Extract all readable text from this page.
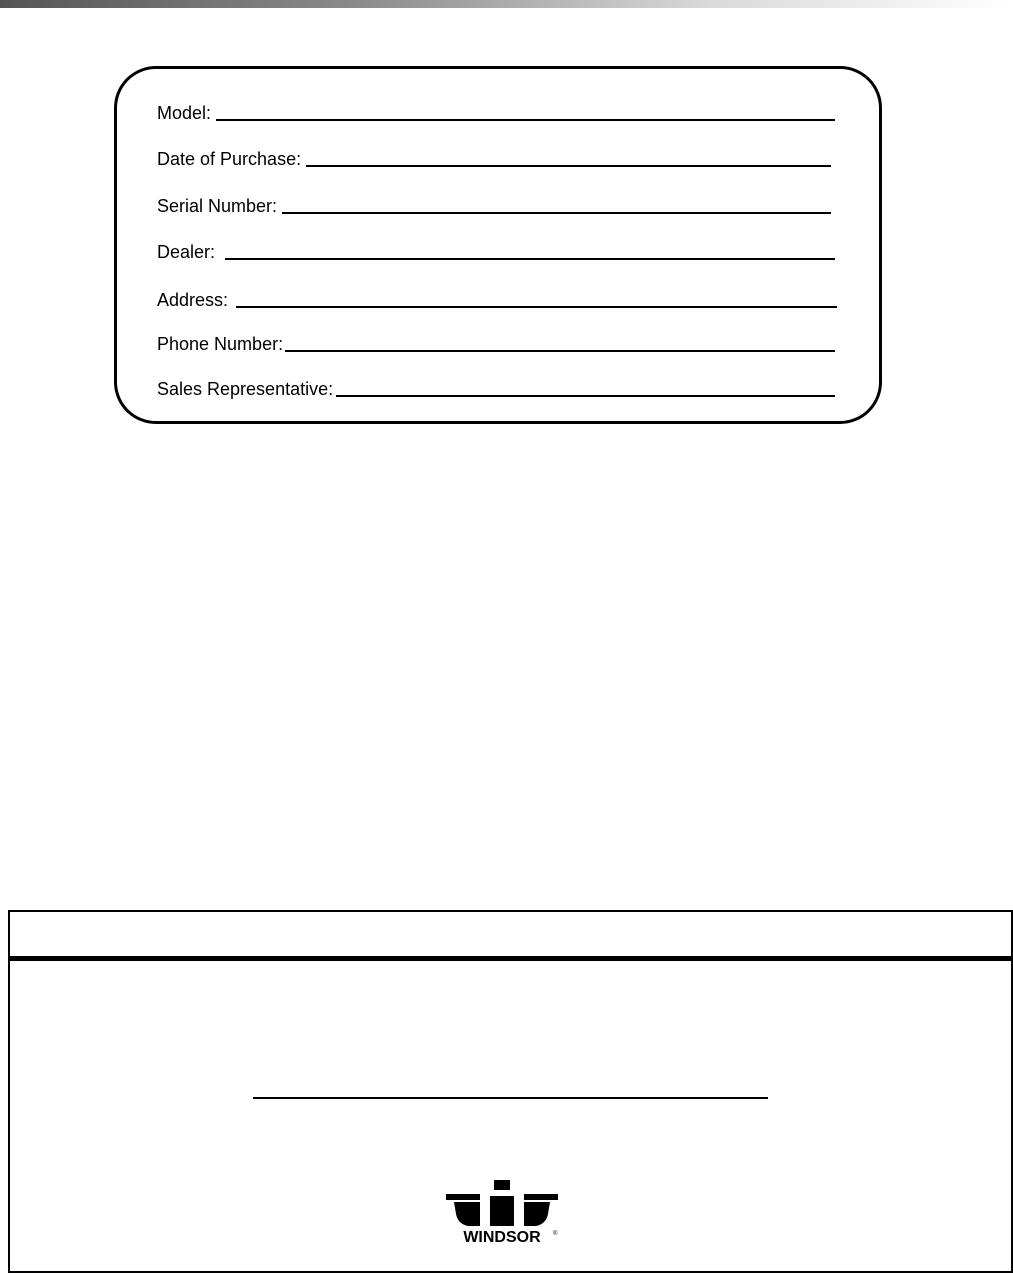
Model:
Date of Purchase:
Serial Number:
Dealer:
Address:
Phone Number:
Sales Representative:
WINDSOR ®
